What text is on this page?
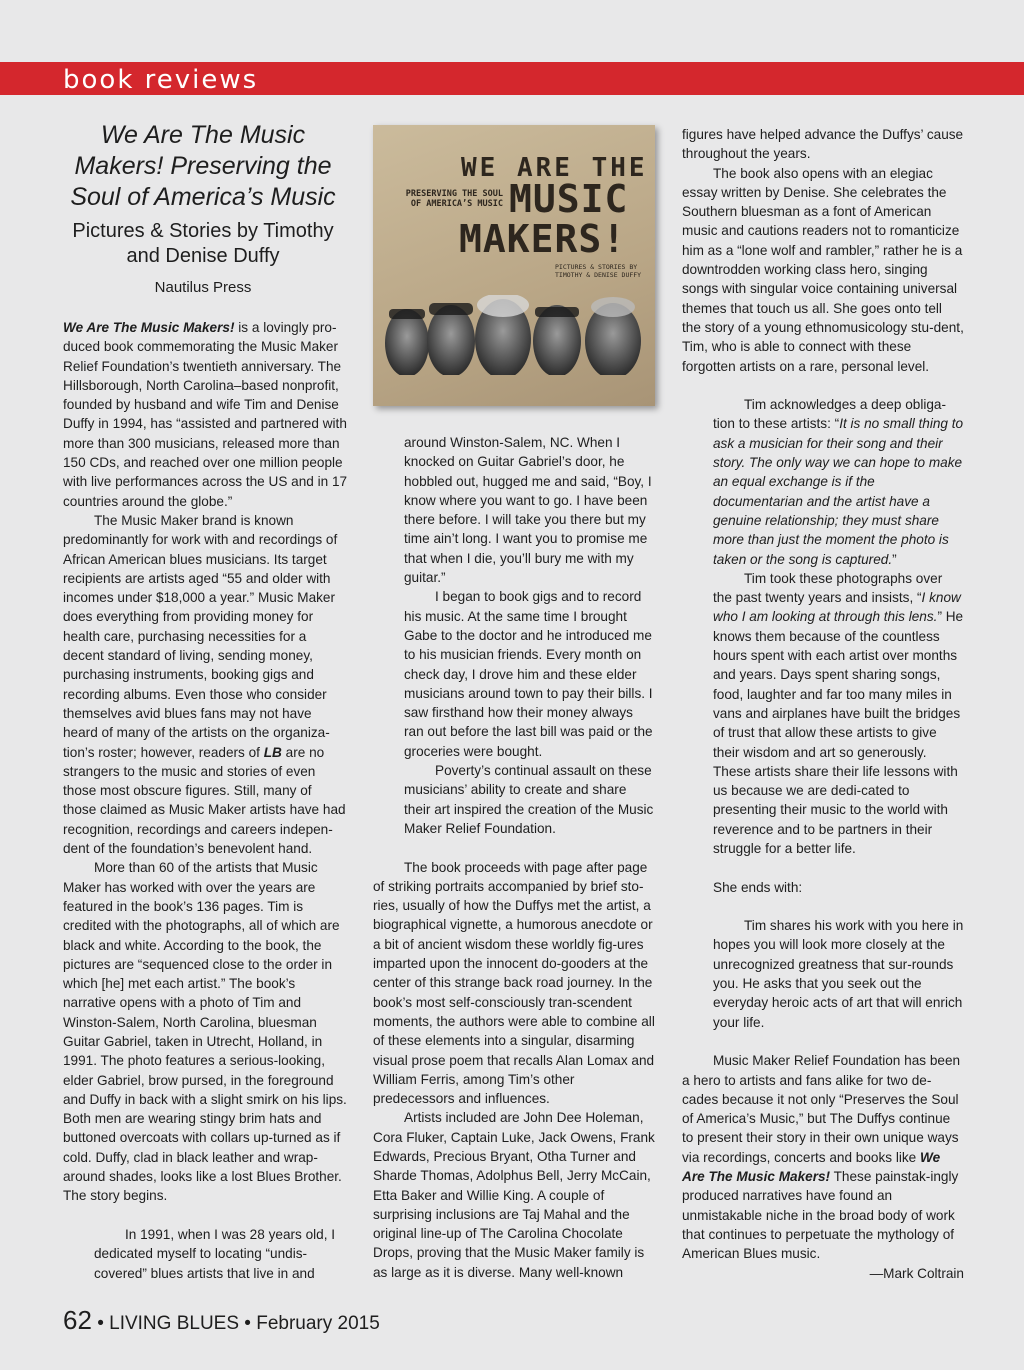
book reviews
We Are The Music Makers! Preserving the Soul of America’s Music
Pictures & Stories by Timothy and Denise Duffy
Nautilus Press
WE ARE THE
MUSIC
MAKERS!
PRESERVING THE SOUL OF AMERICA’S MUSIC
PICTURES & STORIES BY TIMOTHY & DENISE DUFFY

We Are The Music Makers! is a lovingly pro-duced book commemorating the Music Maker Relief Foundation’s twentieth anniversary. The Hillsborough, North Carolina–based nonprofit, founded by husband and wife Tim and Denise Duffy in 1994, has “assisted and partnered with more than 300 musicians, released more than 150 CDs, and reached over one million people with live performances across the US and in 17 countries around the globe.”

The Music Maker brand is known predominantly for work with and recordings of African American blues musicians. Its target recipients are artists aged “55 and older with incomes under $18,000 a year.” Music Maker does everything from providing money for health care, purchasing necessities for a decent standard of living, sending money, purchasing instruments, booking gigs and recording albums. Even those who consider themselves avid blues fans may not have heard of many of the artists on the organiza-tion’s roster; however, readers of LB are no strangers to the music and stories of even those most obscure figures. Still, many of those claimed as Music Maker artists have had recognition, recordings and careers indepen-dent of the foundation’s benevolent hand.

More than 60 of the artists that Music Maker has worked with over the years are featured in the book’s 136 pages. Tim is credited with the photographs, all of which are black and white. According to the book, the pictures are “sequenced close to the order in which [he] met each artist.” The book’s narrative opens with a photo of Tim and Winston-Salem, North Carolina, bluesman Guitar Gabriel, taken in Utrecht, Holland, in 1991. The photo features a serious-looking, elder Gabriel, brow pursed, in the foreground and Duffy in back with a slight smirk on his lips. Both men are wearing stingy brim hats and buttoned overcoats with collars up-turned as if cold. Duffy, clad in black leather and wrap-around shades, looks like a lost Blues Brother. The story begins.

In 1991, when I was 28 years old, I dedicated myself to locating “undis-covered” blues artists that live in and

around Winston-Salem, NC. When I knocked on Guitar Gabriel’s door, he hobbled out, hugged me and said, “Boy, I know where you want to go. I have been there before. I will take you there but my time ain’t long. I want you to promise me that when I die, you’ll bury me with my guitar.”

I began to book gigs and to record his music. At the same time I brought Gabe to the doctor and he introduced me to his musician friends. Every month on check day, I drove him and these elder musicians around town to pay their bills. I saw firsthand how their money always ran out before the last bill was paid or the groceries were bought.

Poverty’s continual assault on these musicians’ ability to create and share their art inspired the creation of the Music Maker Relief Foundation.

The book proceeds with page after page of striking portraits accompanied by brief sto-ries, usually of how the Duffys met the artist, a biographical vignette, a humorous anecdote or a bit of ancient wisdom these worldly fig-ures imparted upon the innocent do-gooders at the center of this strange back road journey. In the book’s most self-consciously tran-scendent moments, the authors were able to combine all of these elements into a singular, disarming visual prose poem that recalls Alan Lomax and William Ferris, among Tim’s other predecessors and influences.

Artists included are John Dee Holeman, Cora Fluker, Captain Luke, Jack Owens, Frank Edwards, Precious Bryant, Otha Turner and Sharde Thomas, Adolphus Bell, Jerry McCain, Etta Baker and Willie King. A couple of surprising inclusions are Taj Mahal and the original line-up of The Carolina Chocolate Drops, proving that the Music Maker family is as large as it is diverse. Many well-known

figures have helped advance the Duffys’ cause throughout the years.

The book also opens with an elegiac essay written by Denise. She celebrates the Southern bluesman as a font of American music and cautions readers not to romanticize him as a “lone wolf and rambler,” rather he is a downtrodden working class hero, singing songs with singular voice containing universal themes that touch us all. She goes onto tell the story of a young ethnomusicology stu-dent, Tim, who is able to connect with these forgotten artists on a rare, personal level.

Tim acknowledges a deep obliga-tion to these artists: “It is no small thing to ask a musician for their song and their story. The only way we can hope to make an equal exchange is if the documentarian and the artist have a genuine relationship; they must share more than just the moment the photo is taken or the song is captured.”

Tim took these photographs over the past twenty years and insists, “I know who I am looking at through this lens.” He knows them because of the countless hours spent with each artist over months and years. Days spent sharing songs, food, laughter and far too many miles in vans and airplanes have built the bridges of trust that allow these artists to give their wisdom and art so generously. These artists share their life lessons with us because we are dedi-cated to presenting their music to the world with reverence and to be partners in their struggle for a better life.

She ends with:

Tim shares his work with you here in hopes you will look more closely at the unrecognized greatness that sur-rounds you. He asks that you seek out the everyday heroic acts of art that will enrich your life.

Music Maker Relief Foundation has been a hero to artists and fans alike for two de-cades because it not only “Preserves the Soul of America’s Music,” but The Duffys continue to present their story in their own unique ways via recordings, concerts and books like We Are The Music Makers! These painstak-ingly produced narratives have found an unmistakable niche in the broad body of work that continues to perpetuate the mythology of American Blues music.

—Mark Coltrain

62 • LIVING BLUES • February 2015
